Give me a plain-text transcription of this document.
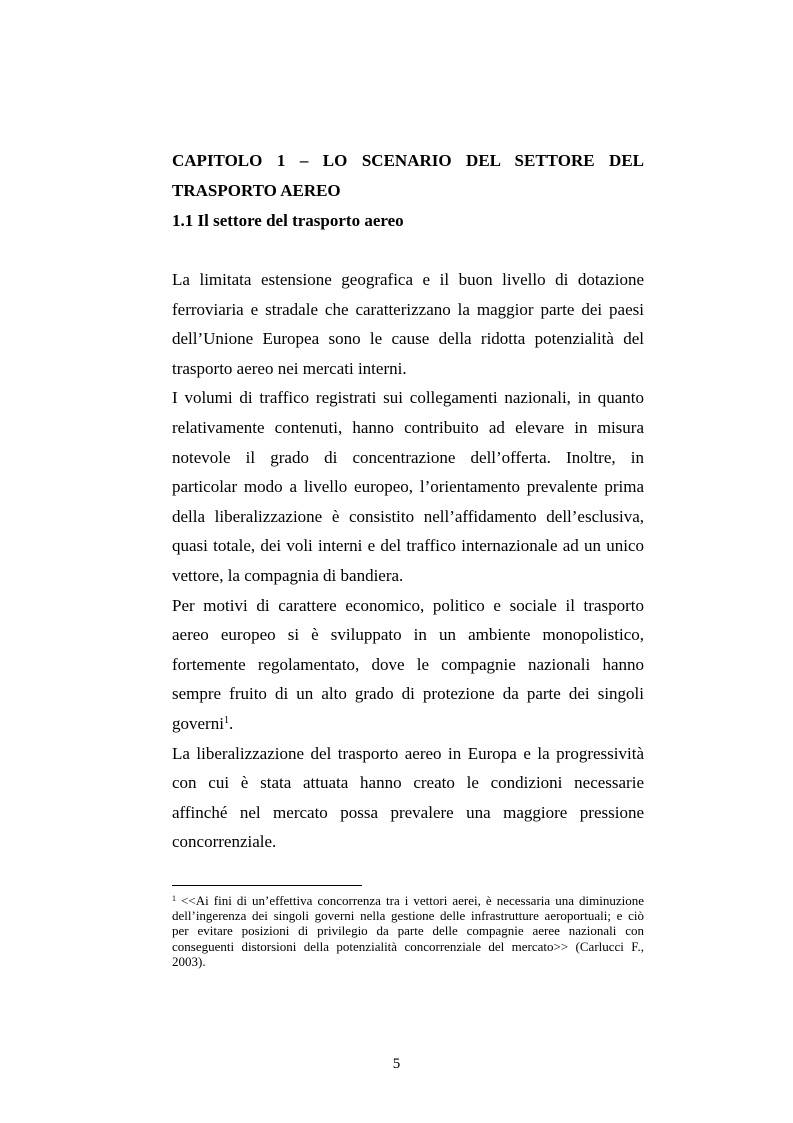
CAPITOLO 1 – LO SCENARIO DEL SETTORE DEL
TRASPORTO AEREO
1.1 Il settore del trasporto aereo

La limitata estensione geografica e il buon livello di dotazione
ferroviaria e stradale che caratterizzano la maggior parte dei paesi
dell’Unione Europea sono le cause della ridotta potenzialità del
trasporto aereo nei mercati interni.

I volumi di traffico registrati sui collegamenti nazionali, in quanto
relativamente contenuti, hanno contribuito ad elevare in misura
notevole il grado di concentrazione dell’offerta. Inoltre, in
particolar modo a livello europeo, l’orientamento prevalente prima
della liberalizzazione è consistito nell’affidamento dell’esclusiva,
quasi totale, dei voli interni e del traffico internazionale ad un unico
vettore, la compagnia di bandiera.

Per motivi di carattere economico, politico e sociale il trasporto
aereo europeo si è sviluppato in un ambiente monopolistico,
fortemente regolamentato, dove le compagnie nazionali hanno
sempre fruito di un alto grado di protezione da parte dei singoli
governi$^1$.

La liberalizzazione del trasporto aereo in Europa e la progressività
con cui è stata attuata hanno creato le condizioni necessarie
affinché nel mercato possa prevalere una maggiore pressione
concorrenziale.

$^1$ <<Ai fini di un’effettiva concorrenza tra i vettori aerei, è necessaria una diminuzione
dell’ingerenza dei singoli governi nella gestione delle infrastrutture aeroportuali; e ciò
per evitare posizioni di privilegio da parte delle compagnie aeree nazionali con
conseguenti distorsioni della potenzialità concorrenziale del mercato>> (Carlucci F.,
2003).
5
